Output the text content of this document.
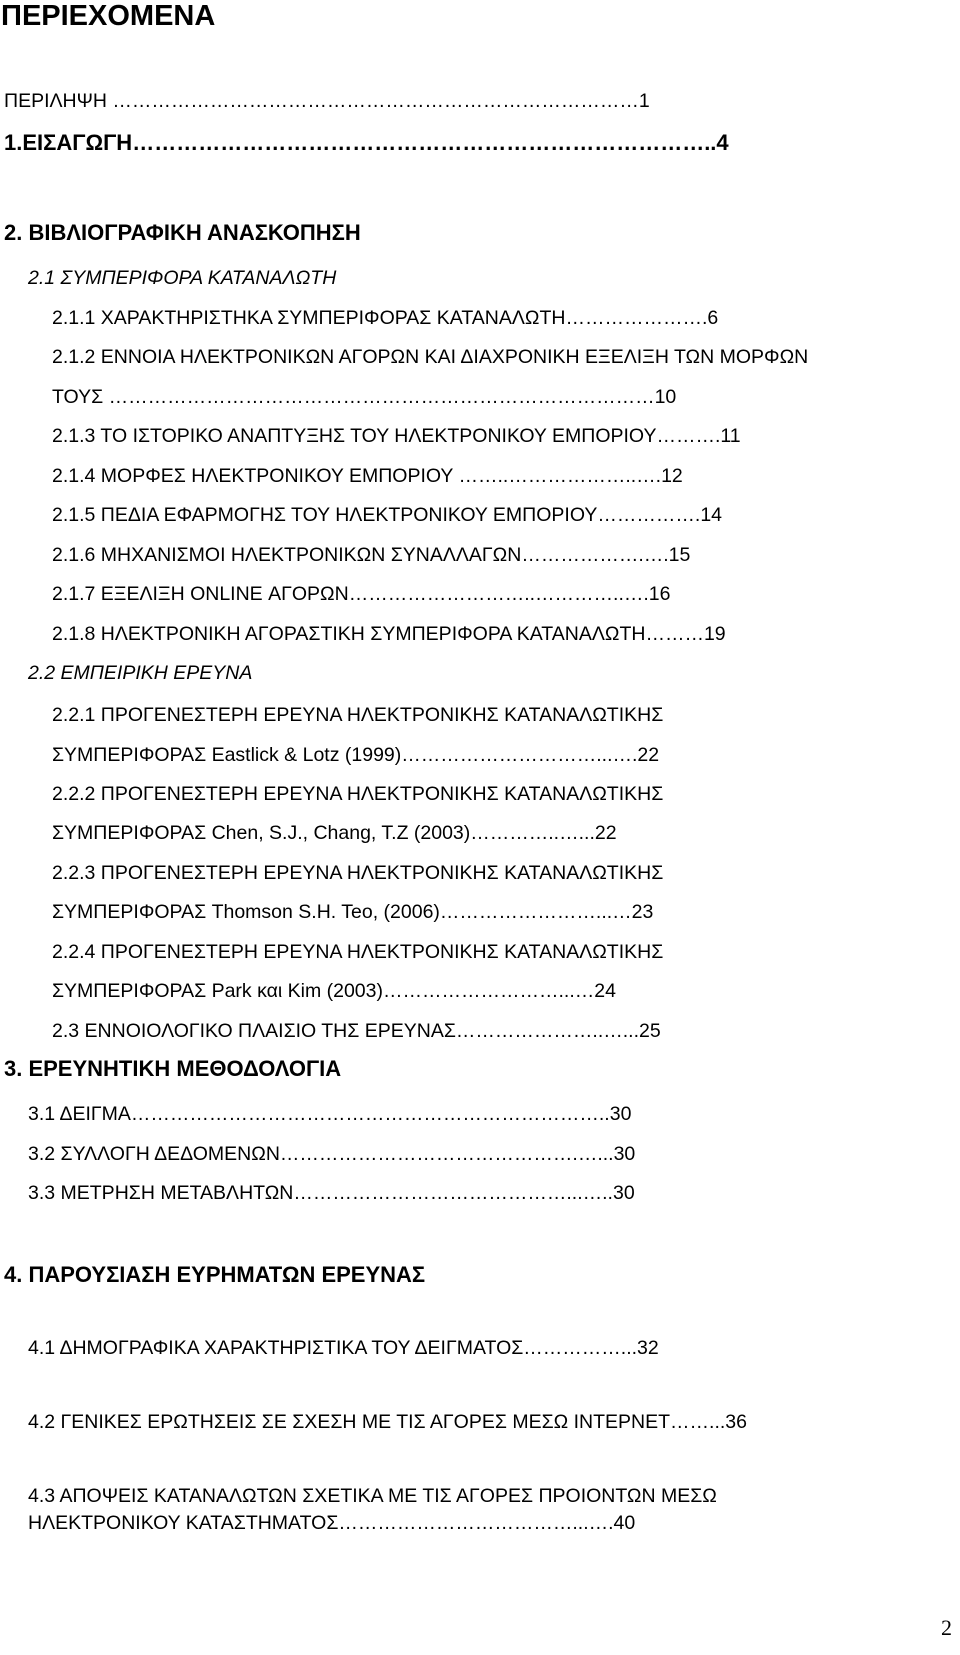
ΠΕΡΙΕΧΟΜΕΝΑ
ΠΕΡΙΛΗΨΗ ………………………………………………………………………1
1.ΕΙΣΑΓΩΓΗ……………………………………………………………………..4
2. ΒΙΒΛΙΟΓΡΑΦΙΚΗ ΑΝΑΣΚΟΠΗΣΗ
2.1 ΣΥΜΠΕΡΙΦΟΡΑ ΚΑΤΑΝΑΛΩΤΗ
2.1.1 ΧΑΡΑΚΤΗΡΙΣΤΗΚΑ ΣΥΜΠΕΡΙΦΟΡΑΣ ΚΑΤΑΝΑΛΩΤΗ………………….6
2.1.2 ΕΝΝΟΙΑ ΗΛΕΚΤΡΟΝΙΚΩΝ ΑΓΟΡΩΝ ΚΑΙ ΔΙΑΧΡΟΝΙΚΗ ΕΞΕΛΙΞΗ ΤΩΝ ΜΟΡΦΩΝ
ΤΟΥΣ …………………………………………………………………………10
2.1.3 ΤΟ ΙΣΤΟΡΙΚΟ ΑΝΑΠΤΥΞΗΣ ΤΟΥ ΗΛΕΚΤΡΟΝΙΚΟΥ ΕΜΠΟΡΙΟΥ……….11
2.1.4 ΜΟΡΦΕΣ ΗΛΕΚΤΡΟΝΙΚΟΥ ΕΜΠΟΡΙΟΥ ……..………………..….12
2.1.5 ΠΕΔΙΑ ΕΦΑΡΜΟΓΗΣ ΤΟΥ ΗΛΕΚΤΡΟΝΙΚΟΥ ΕΜΠΟΡΙΟΥ…………….14
2.1.6 ΜΗΧΑΝΙΣΜΟΙ ΗΛΕΚΤΡΟΝΙΚΩΝ ΣΥΝΑΛΛΑΓΩΝ……………….….15
2.1.7 ΕΞΕΛΙΞΗ ONLINE ΑΓΟΡΩΝ………………………..…………..….16
2.1.8 ΗΛΕΚΤΡΟΝΙΚΗ ΑΓΟΡΑΣΤΙΚΗ ΣΥΜΠΕΡΙΦΟΡΑ ΚΑΤΑΝΑΛΩΤΗ………19
2.2 ΕΜΠΕΙΡΙΚΗ ΕΡΕΥΝΑ
2.2.1 ΠΡΟΓΕΝΕΣΤΕΡΗ ΕΡΕΥΝΑ ΗΛΕΚΤΡΟΝΙΚΗΣ ΚΑΤΑΝΑΛΩΤΙΚΗΣ
ΣΥΜΠΕΡΙΦΟΡΑΣ Eastlick & Lotz (1999)…………………………...….22
2.2.2 ΠΡΟΓΕΝΕΣΤΕΡΗ ΕΡΕΥΝΑ ΗΛΕΚΤΡΟΝΙΚΗΣ ΚΑΤΑΝΑΛΩΤΙΚΗΣ
ΣΥΜΠΕΡΙΦΟΡΑΣ Chen, S.J., Chang, T.Z (2003)…………..…...22
2.2.3 ΠΡΟΓΕΝΕΣΤΕΡΗ ΕΡΕΥΝΑ ΗΛΕΚΤΡΟΝΙΚΗΣ ΚΑΤΑΝΑΛΩΤΙΚΗΣ
ΣΥΜΠΕΡΙΦΟΡΑΣ Thomson S.H. Teo, (2006)……………………...…23
2.2.4 ΠΡΟΓΕΝΕΣΤΕΡΗ ΕΡΕΥΝΑ ΗΛΕΚΤΡΟΝΙΚΗΣ ΚΑΤΑΝΑΛΩΤΙΚΗΣ
ΣΥΜΠΕΡΙΦΟΡΑΣ Park και Kim (2003)………………………...…24
2.3 ΕΝΝΟΙΟΛΟΓΙΚΟ ΠΛΑΙΣΙΟ ΤΗΣ ΕΡΕΥΝΑΣ…………………..…...25
3. ΕΡΕΥΝΗΤΙΚΗ ΜΕΘΟΔΟΛΟΓΙΑ
3.1 ΔΕΙΓΜΑ………………………………………………………………..30
3.2 ΣΥΛΛΟΓΗ ΔΕΔΟΜΕΝΩΝ……………………………………….…...30
3.3 ΜΕΤΡΗΣΗ ΜΕΤΑΒΛΗΤΩΝ……………………………………...…..30
4. ΠΑΡΟΥΣΙΑΣΗ ΕΥΡΗΜΑΤΩΝ ΕΡΕΥΝΑΣ
4.1 ΔΗΜΟΓΡΑΦΙΚΑ ΧΑΡΑΚΤΗΡΙΣΤΙΚΑ ΤΟΥ ΔΕΙΓΜΑΤΟΣ……………...32
4.2 ΓΕΝΙΚΕΣ ΕΡΩΤΗΣΕΙΣ ΣΕ ΣΧΕΣΗ ΜΕ ΤΙΣ ΑΓΟΡΕΣ ΜΕΣΩ ΙΝΤΕΡΝΕΤ……...36
4.3 ΑΠΟΨΕΙΣ ΚΑΤΑΝΑΛΩΤΩΝ ΣΧΕΤΙΚΑ ΜΕ ΤΙΣ ΑΓΟΡΕΣ ΠΡΟΙΟΝΤΩΝ ΜΕΣΩ
ΗΛΕΚΤΡΟΝΙΚΟΥ ΚΑΤΑΣΤΗΜΑΤΟΣ………………………………...….40
2
